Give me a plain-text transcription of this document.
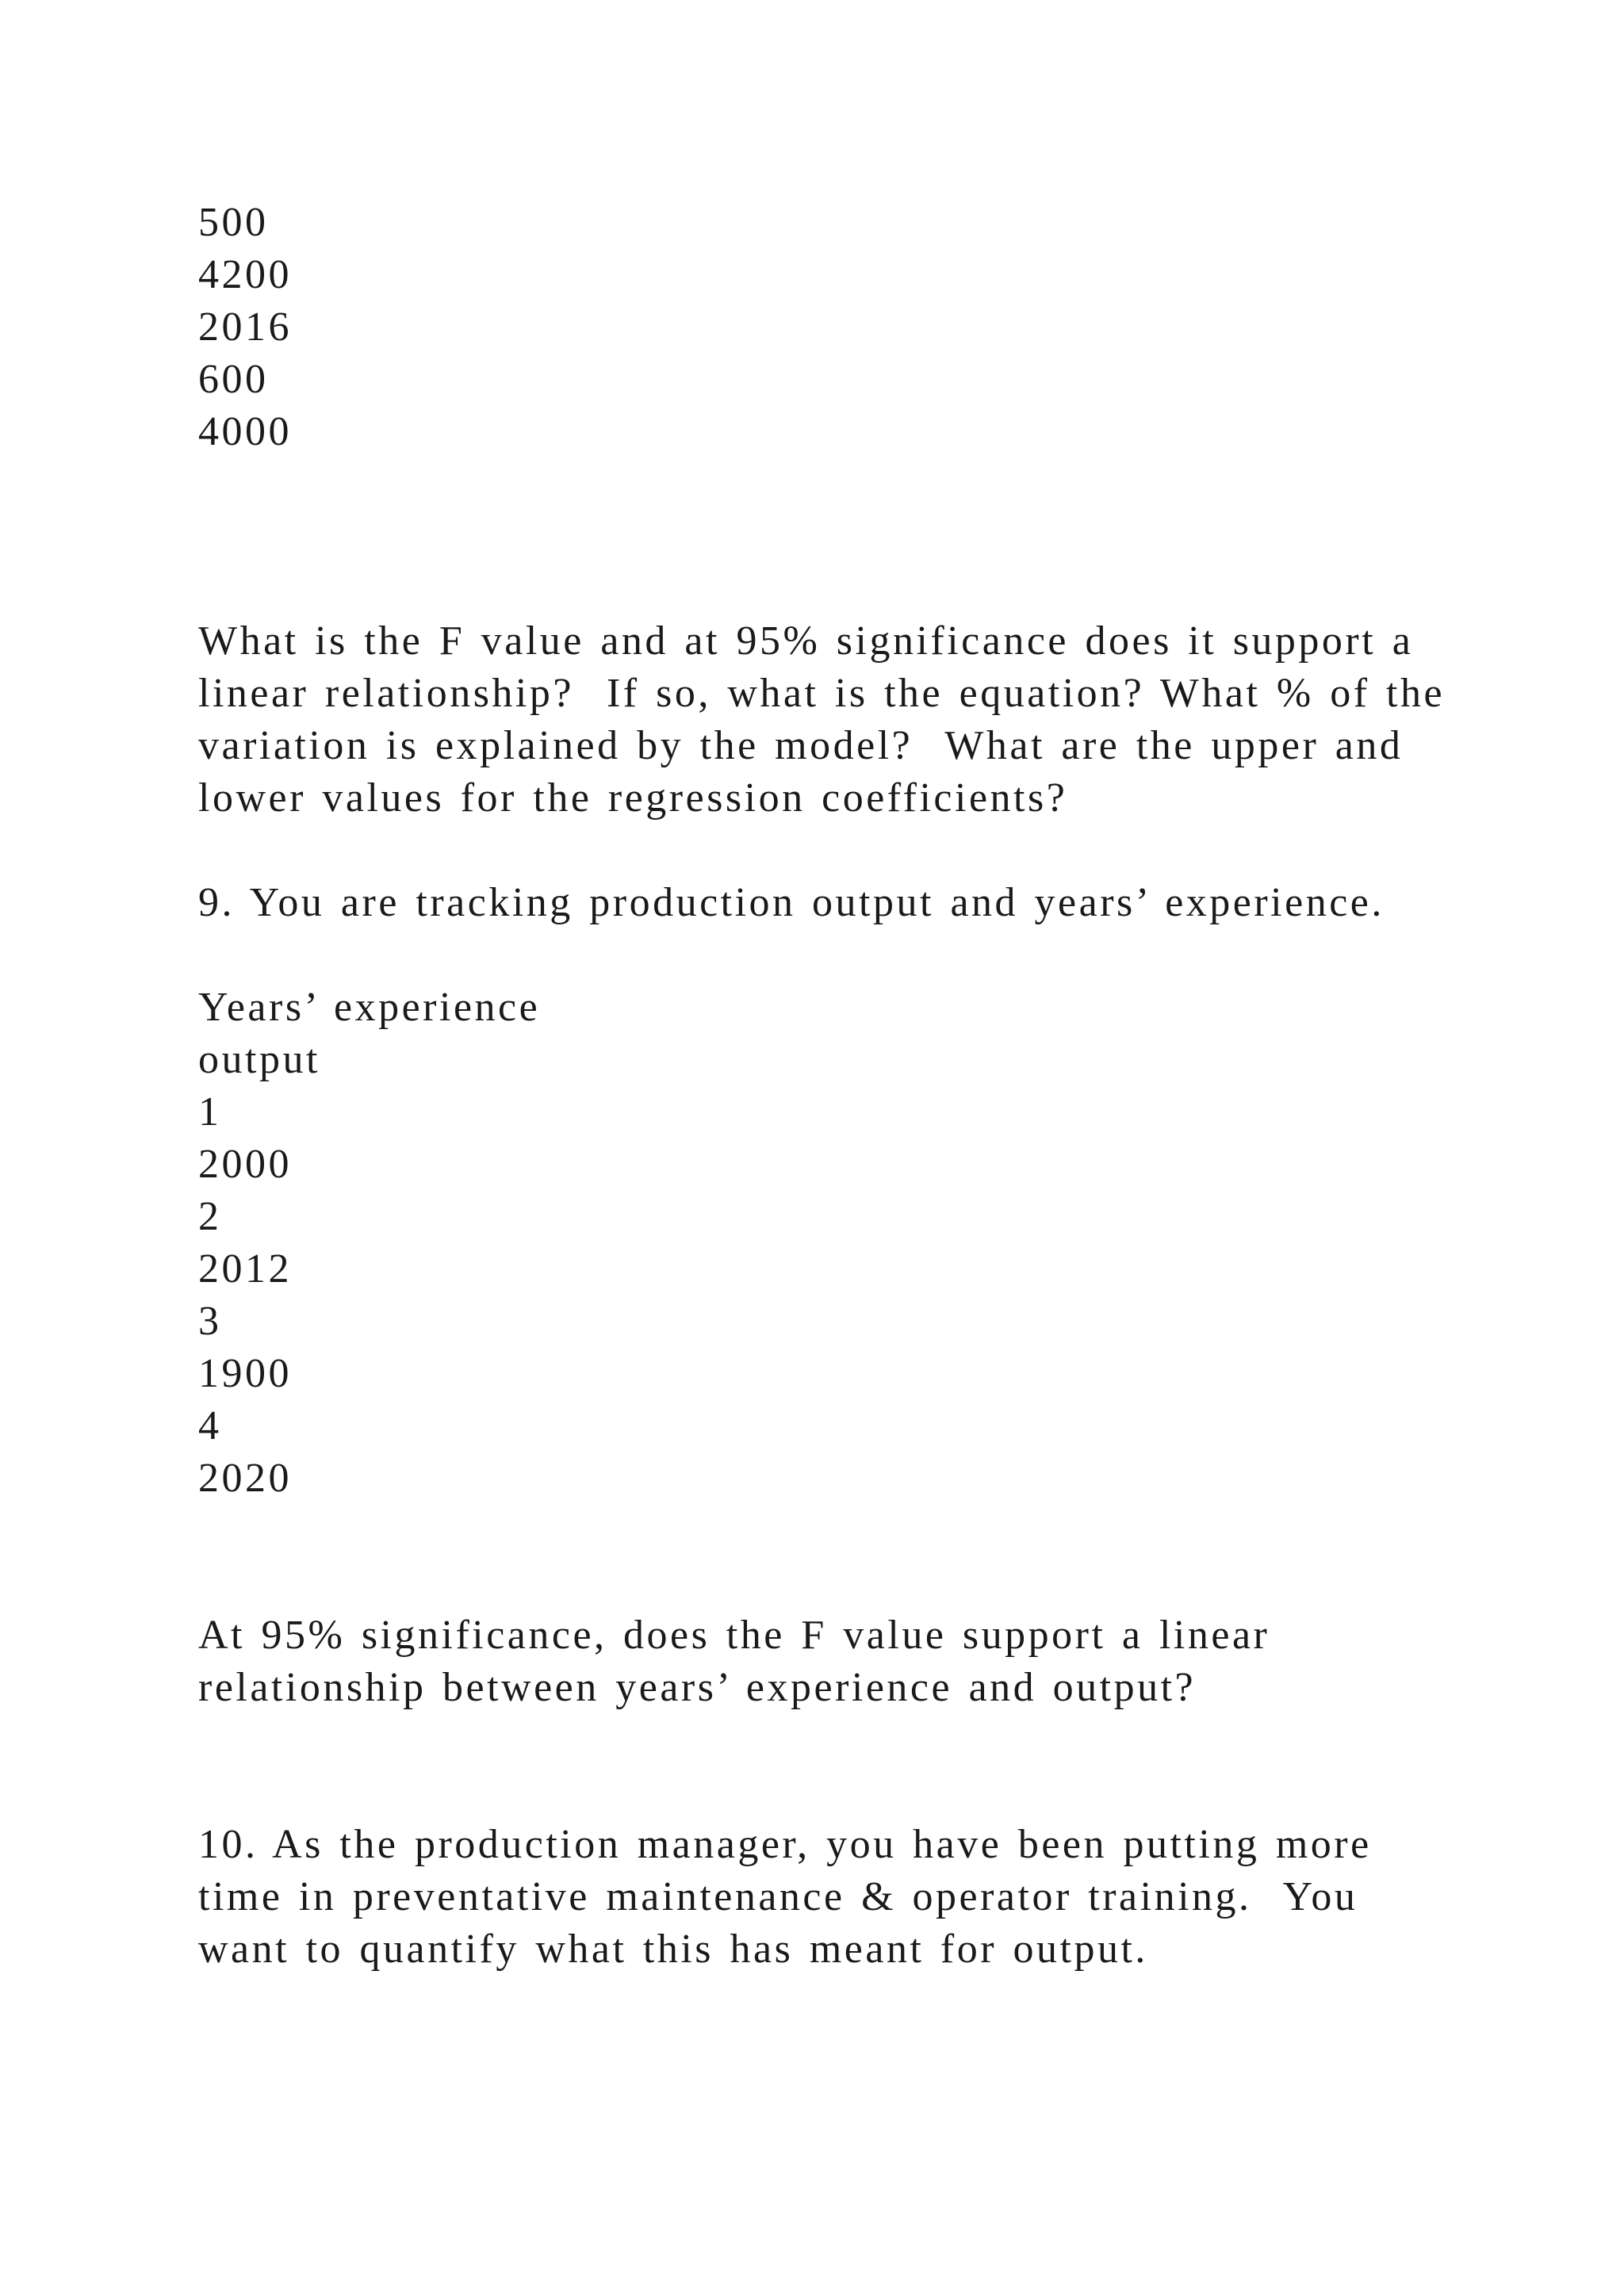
500

4200

2016

600

4000

What is the F value and at 95% significance does it support a
linear relationship?  If so, what is the equation? What % of the
variation is explained by the model?  What are the upper and
lower values for the regression coefficients?

9. You are tracking production output and years’ experience.

Years’ experience

output

1

2000

2

2012

3

1900

4

2020

At 95% significance, does the F value support a linear
relationship between years’ experience and output?
10. As the production manager, you have been putting more
time in preventative maintenance & operator training.  You
want to quantify what this has meant for output.
